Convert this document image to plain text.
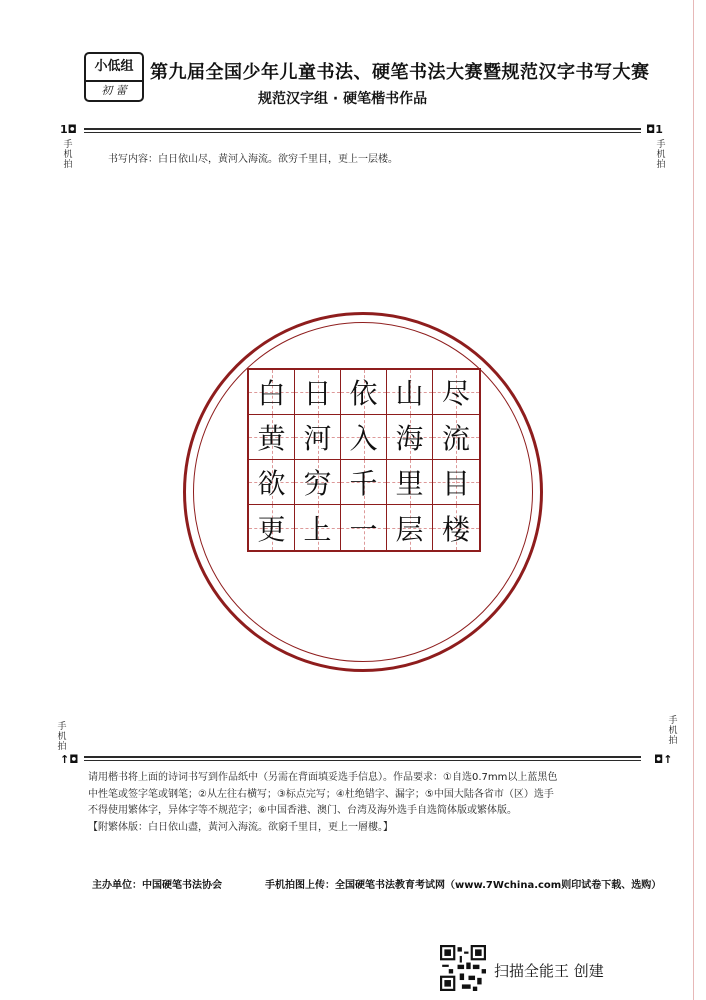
小低组
初 蕾
第九届全国少年儿童书法、硬笔书法大赛暨规范汉字书写大赛
规范汉字组 · 硬笔楷书作品
1◘	◘1
手机拍
手机拍
书写内容：白日依山尽，黄河入海流。欲穷千里目，更上一层楼。
白 日 依 山 尽
黄 河 入 海 流
欲 穷 千 里 目
更 上 一 层 楼
手机拍
手机拍
↑◘	◘↑

请用楷书将上面的诗词书写到作品纸中（另需在背面填妥选手信息）。作品要求：①自选0.7mm以上蓝黑色

中性笔或签字笔或钢笔；②从左往右横写；③标点完写；④杜绝错字、漏字；⑤中国大陆各省市（区）选手

不得使用繁体字，异体字等不规范字；⑥中国香港、澳门、台湾及海外选手自选简体版或繁体版。

【附繁体版：白日依山盡，黃河入海流。欲窮千里目，更上一層樓。】

主办单位：中国硬笔书法协会	手机拍图上传：全国硬笔书法教育考试网（www.7Wchina.com则印试卷下载、选购）
扫描全能王 创建
